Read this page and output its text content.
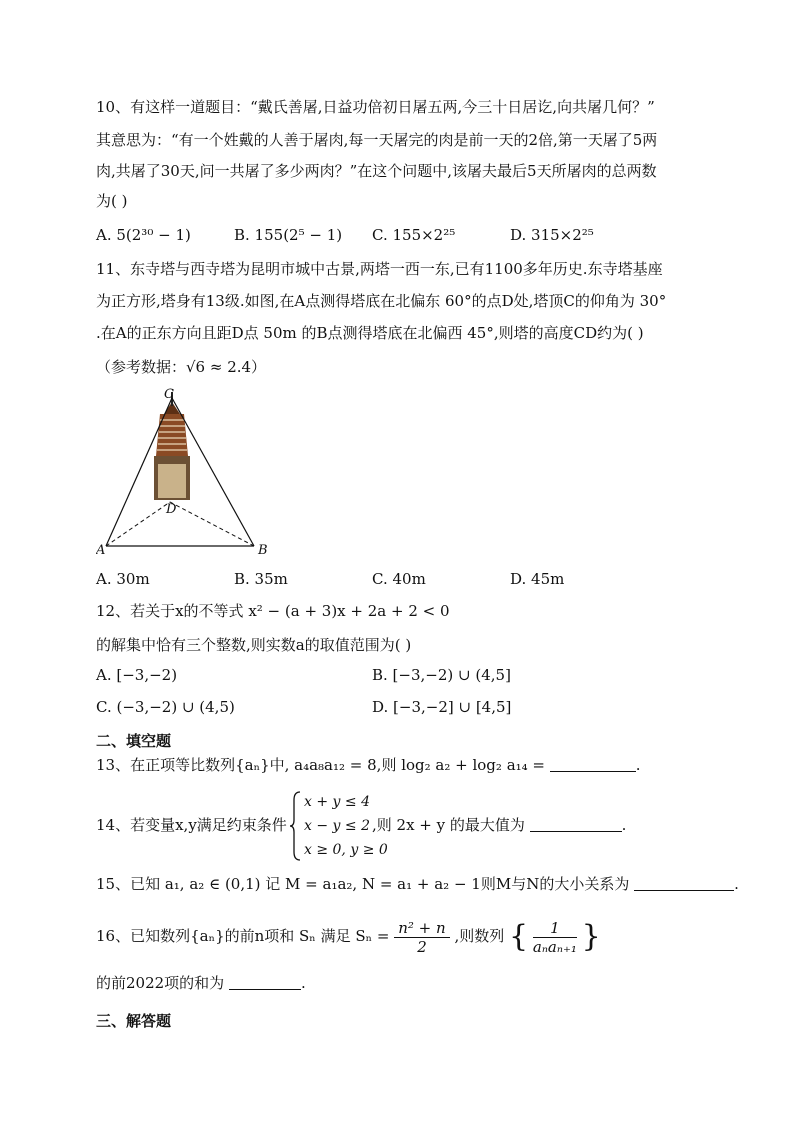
10、有这样一道题目：“戴氏善屠,日益功倍初日屠五两,今三十日居讫,向共屠几何？”
其意思为：“有一个姓戴的人善于屠肉,每一天屠完的肉是前一天的2倍,第一天屠了5两
肉,共屠了30天,问一共屠了多少两肉？”在这个问题中,该屠夫最后5天所屠肉的总两数
为( )
A. 5(2³⁰ − 1)	B. 155(2⁵ − 1) C. 155×2²⁵	D. 315×2²⁵
11、东寺塔与西寺塔为昆明市城中古景,两塔一西一东,已有1100多年历史.东寺塔基座
为正方形,塔身有13级.如图,在A点测得塔底在北偏东 60°的点D处,塔顶C的仰角为 30°
.在A的正东方向且距D点 50m 的B点测得塔底在北偏西 45°,则塔的高度CD约为( )
（参考数据：√6 ≈ 2.4）
C
D
A	B
A. 30m	B. 35m	C. 40m	D. 45m
12、若关于x的不等式 x² − (a + 3)x + 2a + 2 < 0
的解集中恰有三个整数,则实数a的取值范围为( )
A. [−3,−2)	B. [−3,−2) ∪ (4,5]
C. (−3,−2) ∪ (4,5)	D. [−3,−2] ∪ [4,5]
二、填空题
13、在正项等比数列{aₙ}中, a₄a₈a₁₂ = 8,则 log₂ a₂ + log₂ a₁₄ =	.
14、若变量x,y满足约束条件
x + y ≤ 4
x − y ≤ 2
x ≥ 0, y ≥ 0
,则 2x + y 的最大值为	.
15、已知 a₁, a₂ ∈ (0,1) 记 M = a₁a₂, N = a₁ + a₂ − 1则M与N的大小关系为	.
16、已知数列{aₙ}的前n项和 Sₙ 满足 $S_n = \frac{\text{n² + n}}{2}$ ,则数列 { $\frac{1}{\text{aₙaₙ₊₁}}$ }
的前2022项的和为	.
三、解答题
